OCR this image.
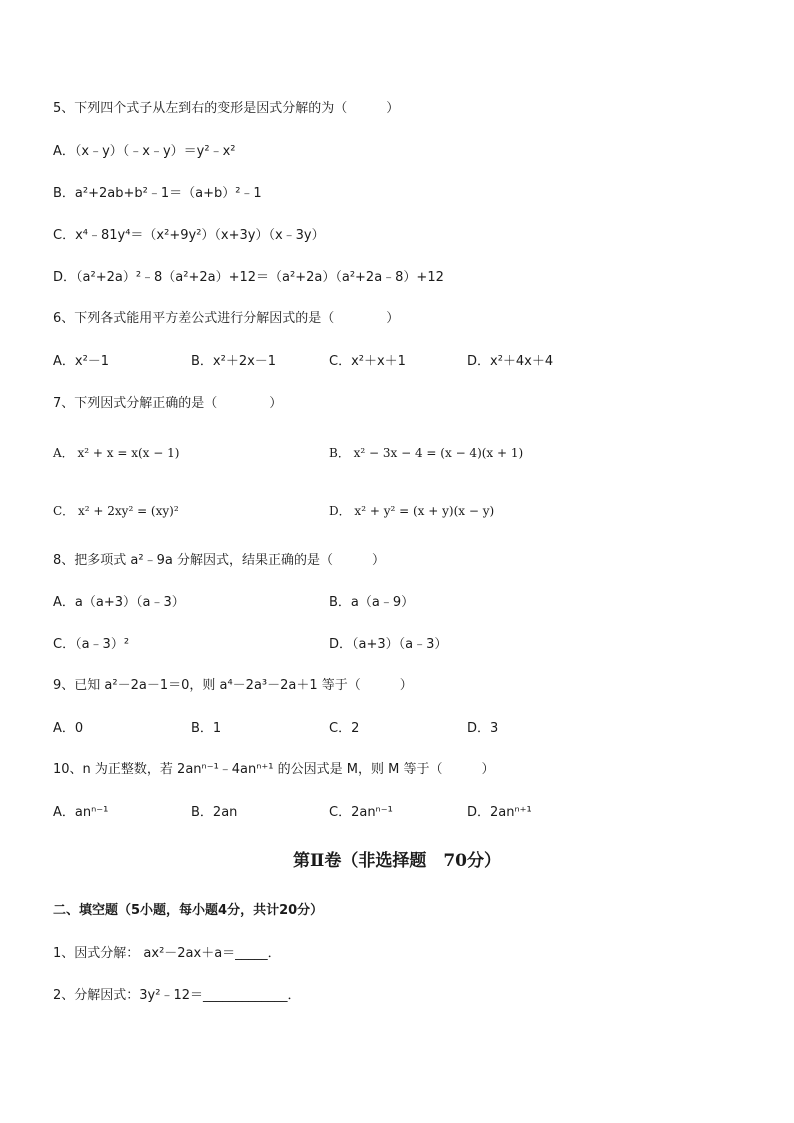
5、下列四个式子从左到右的变形是因式分解的为（　　　）
A．（x﹣y）（﹣x﹣y）＝y²﹣x²
B．a²+2ab+b²﹣1＝（a+b）²﹣1
C．x⁴﹣81y⁴＝（x²+9y²）（x+3y）（x﹣3y）
D．（a²+2a）²﹣8（a²+2a）+12＝（a²+2a）（a²+2a﹣8）+12
6、下列各式能用平方差公式进行分解因式的是（　　　　）
A．x²－1	B．x²＋2x－1	C．x²＋x＋1	D．x²＋4x＋4
7、下列因式分解正确的是（　　　　）
A． x² + x = x(x − 1)	B． x² − 3x − 4 = (x − 4)(x + 1)
C． x² + 2xy² = (xy)²	D． x² + y² = (x + y)(x − y)
8、把多项式 a²﹣9a 分解因式，结果正确的是（　　　）
A．a（a+3）（a﹣3）	B．a（a﹣9）
C．（a﹣3）²	D．（a+3）（a﹣3）
9、已知 a²－2a－1＝0，则 a⁴－2a³－2a＋1 等于（　　　）
A．0	B．1	C．2	D．3
10、n 为正整数，若 2anⁿ⁻¹﹣4anⁿ⁺¹ 的公因式是 M，则 M 等于（　　　）
A．anⁿ⁻¹	B．2an	C．2anⁿ⁻¹	D．2anⁿ⁺¹
第Ⅱ卷（非选择题　70分）
二、填空题（5小题，每小题4分，共计20分）
1、因式分解： ax²－2ax＋a＝_____．
2、分解因式：3y²﹣12＝_____________．
